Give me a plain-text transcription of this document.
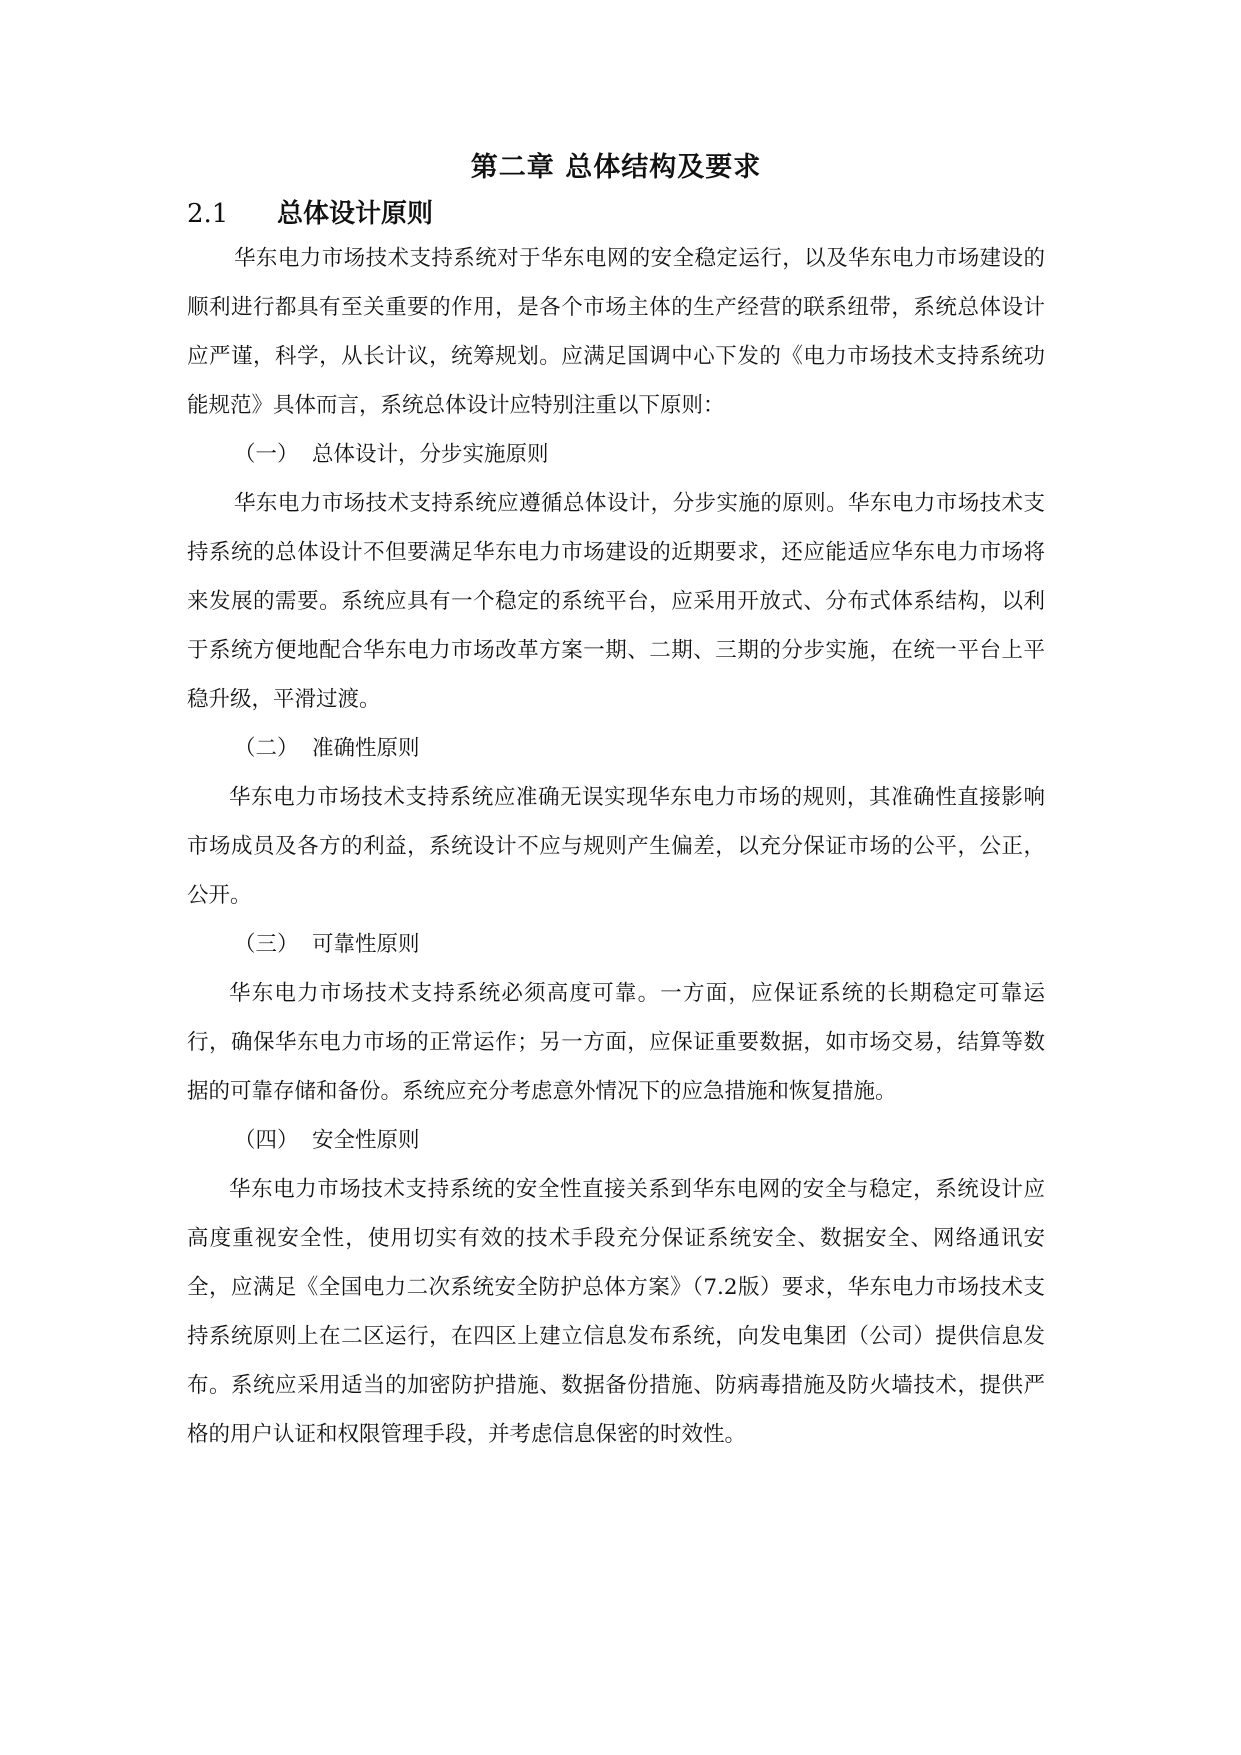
第二章 总体结构及要求
2.1 总体设计原则

华东电力市场技术支持系统对于华东电网的安全稳定运行，以及华东电力市场建设的顺利进行都具有至关重要的作用，是各个市场主体的生产经营的联系纽带，系统总体设计应严谨，科学，从长计议，统筹规划。应满足国调中心下发的《电力市场技术支持系统功能规范》具体而言，系统总体设计应特别注重以下原则：

（一） 总体设计，分步实施原则

华东电力市场技术支持系统应遵循总体设计，分步实施的原则。华东电力市场技术支持系统的总体设计不但要满足华东电力市场建设的近期要求，还应能适应华东电力市场将来发展的需要。系统应具有一个稳定的系统平台，应采用开放式、分布式体系结构，以利于系统方便地配合华东电力市场改革方案一期、二期、三期的分步实施，在统一平台上平稳升级，平滑过渡。

（二） 准确性原则

华东电力市场技术支持系统应准确无误实现华东电力市场的规则，其准确性直接影响市场成员及各方的利益，系统设计不应与规则产生偏差，以充分保证市场的公平，公正，公开。

（三） 可靠性原则

华东电力市场技术支持系统必须高度可靠。一方面，应保证系统的长期稳定可靠运行，确保华东电力市场的正常运作；另一方面，应保证重要数据，如市场交易，结算等数据的可靠存储和备份。系统应充分考虑意外情况下的应急措施和恢复措施。

（四） 安全性原则

华东电力市场技术支持系统的安全性直接关系到华东电网的安全与稳定，系统设计应高度重视安全性，使用切实有效的技术手段充分保证系统安全、数据安全、网络通讯安全，应满足《全国电力二次系统安全防护总体方案》（7.2版）要求，华东电力市场技术支持系统原则上在二区运行，在四区上建立信息发布系统，向发电集团（公司）提供信息发布。系统应采用适当的加密防护措施、数据备份措施、防病毒措施及防火墙技术，提供严格的用户认证和权限管理手段，并考虑信息保密的时效性。
